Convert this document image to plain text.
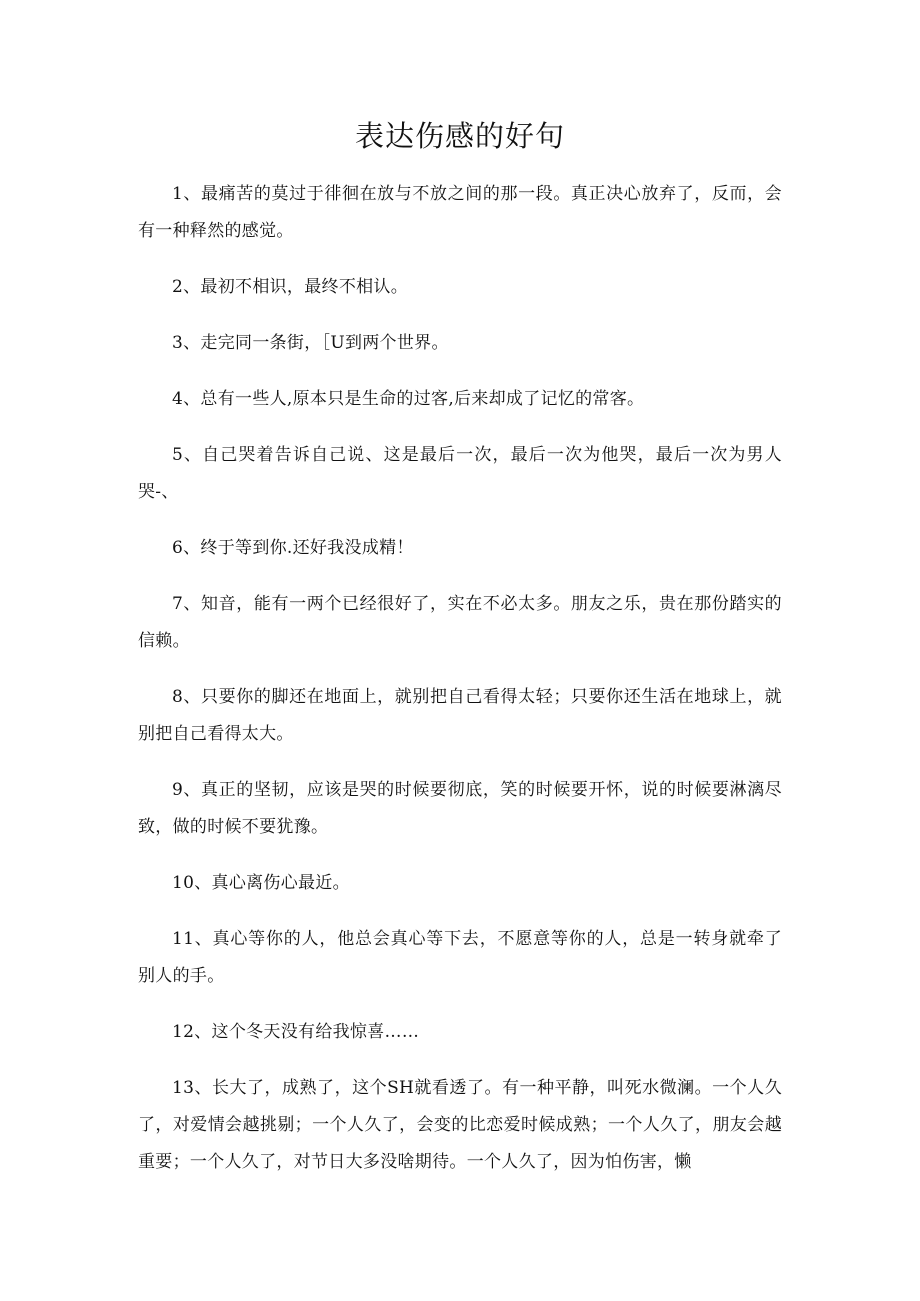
表达伤感的好句

1、最痛苦的莫过于徘徊在放与不放之间的那一段。真正决心放弃了，反而，会有一种释然的感觉。

2、最初不相识，最终不相认。

3、走完同一条街，［U到两个世界。

4、总有一些人,原本只是生命的过客,后来却成了记忆的常客。

5、自己哭着告诉自己说、这是最后一次，最后一次为他哭，最后一次为男人哭-、

6、终于等到你.还好我没成精！

7、知音，能有一两个已经很好了，实在不必太多。朋友之乐，贵在那份踏实的信赖。

8、只要你的脚还在地面上，就别把自己看得太轻；只要你还生活在地球上，就别把自己看得太大。

9、真正的坚韧，应该是哭的时候要彻底，笑的时候要开怀，说的时候要淋漓尽致，做的时候不要犹豫。

10、真心离伤心最近。

11、真心等你的人，他总会真心等下去，不愿意等你的人，总是一转身就牵了别人的手。

12、这个冬天没有给我惊喜……

13、长大了，成熟了，这个SH就看透了。有一种平静，叫死水微澜。一个人久了，对爱情会越挑剔；一个人久了，会变的比恋爱时候成熟；一个人久了，朋友会越重要；一个人久了，对节日大多没啥期待。一个人久了，因为怕伤害，懒
